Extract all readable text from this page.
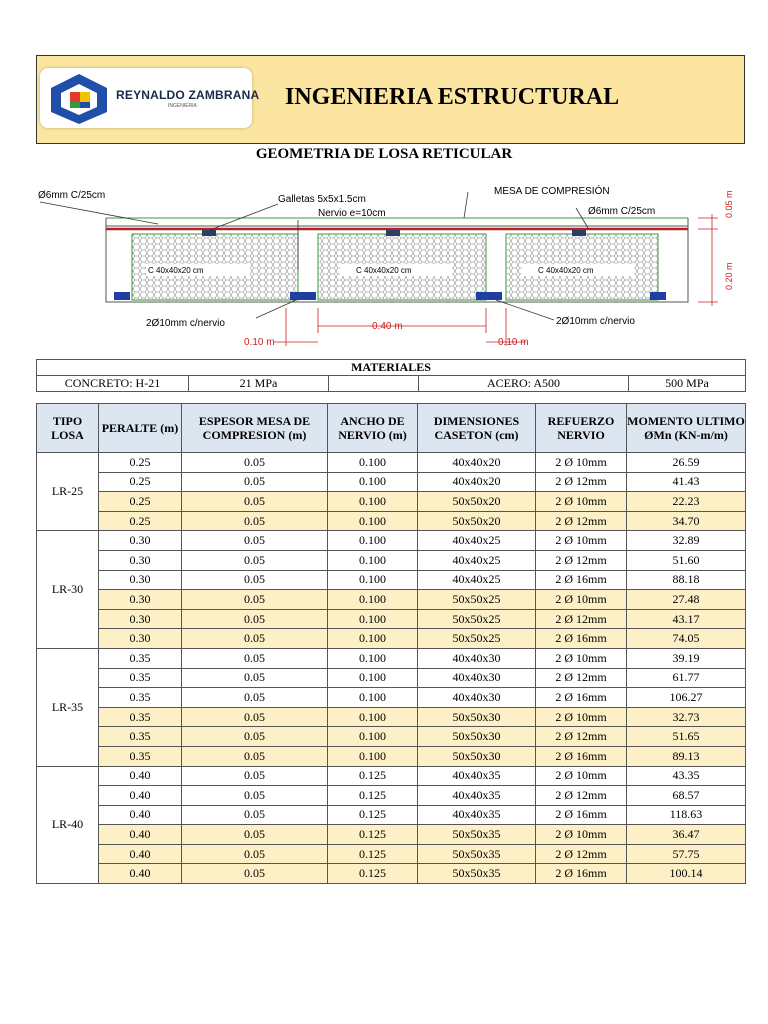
REYNALDO ZAMBRANA
INGENIERIA	INGENIERIA ESTRUCTURAL
GEOMETRIA DE LOSA RETICULAR
C 40x40x20 cm	C 40x40x20 cm	C 40x40x20 cm
Ø6mm C/25cm	Galletas 5x5x1.5cm
Nervio e=10cm
MESA DE COMPRESIÓN
Ø6mm C/25cm	0.05 m
0.20 m
2Ø10mm c/nervio	2Ø10mm c/nervio
0.40 m
0.10 m	0.10 m
MATERIALES
CONCRETO: H-21	21 MPa		ACERO: A500	500 MPa
TIPO LOSA	PERALTE (m)	ESPESOR MESA DE COMPRESION (m)	ANCHO DE NERVIO (m)	DIMENSIONES CASETON (cm)	REFUERZO NERVIO	MOMENTO ULTIMO ØMn (KN-m/m)
LR-25	0.25	0.05	0.100	40x40x20	2 Ø 10mm	26.59
	0.25	0.05	0.100	40x40x20	2 Ø 12mm	41.43
	0.25	0.05	0.100	50x50x20	2 Ø 10mm	22.23
	0.25	0.05	0.100	50x50x20	2 Ø 12mm	34.70
LR-30	0.30	0.05	0.100	40x40x25	2 Ø 10mm	32.89
	0.30	0.05	0.100	40x40x25	2 Ø 12mm	51.60
	0.30	0.05	0.100	40x40x25	2 Ø 16mm	88.18
	0.30	0.05	0.100	50x50x25	2 Ø 10mm	27.48
	0.30	0.05	0.100	50x50x25	2 Ø 12mm	43.17
	0.30	0.05	0.100	50x50x25	2 Ø 16mm	74.05
LR-35	0.35	0.05	0.100	40x40x30	2 Ø 10mm	39.19
	0.35	0.05	0.100	40x40x30	2 Ø 12mm	61.77
	0.35	0.05	0.100	40x40x30	2 Ø 16mm	106.27
	0.35	0.05	0.100	50x50x30	2 Ø 10mm	32.73
	0.35	0.05	0.100	50x50x30	2 Ø 12mm	51.65
	0.35	0.05	0.100	50x50x30	2 Ø 16mm	89.13
LR-40	0.40	0.05	0.125	40x40x35	2 Ø 10mm	43.35
	0.40	0.05	0.125	40x40x35	2 Ø 12mm	68.57
	0.40	0.05	0.125	40x40x35	2 Ø 16mm	118.63
	0.40	0.05	0.125	50x50x35	2 Ø 10mm	36.47
	0.40	0.05	0.125	50x50x35	2 Ø 12mm	57.75
	0.40	0.05	0.125	50x50x35	2 Ø 16mm	100.14
